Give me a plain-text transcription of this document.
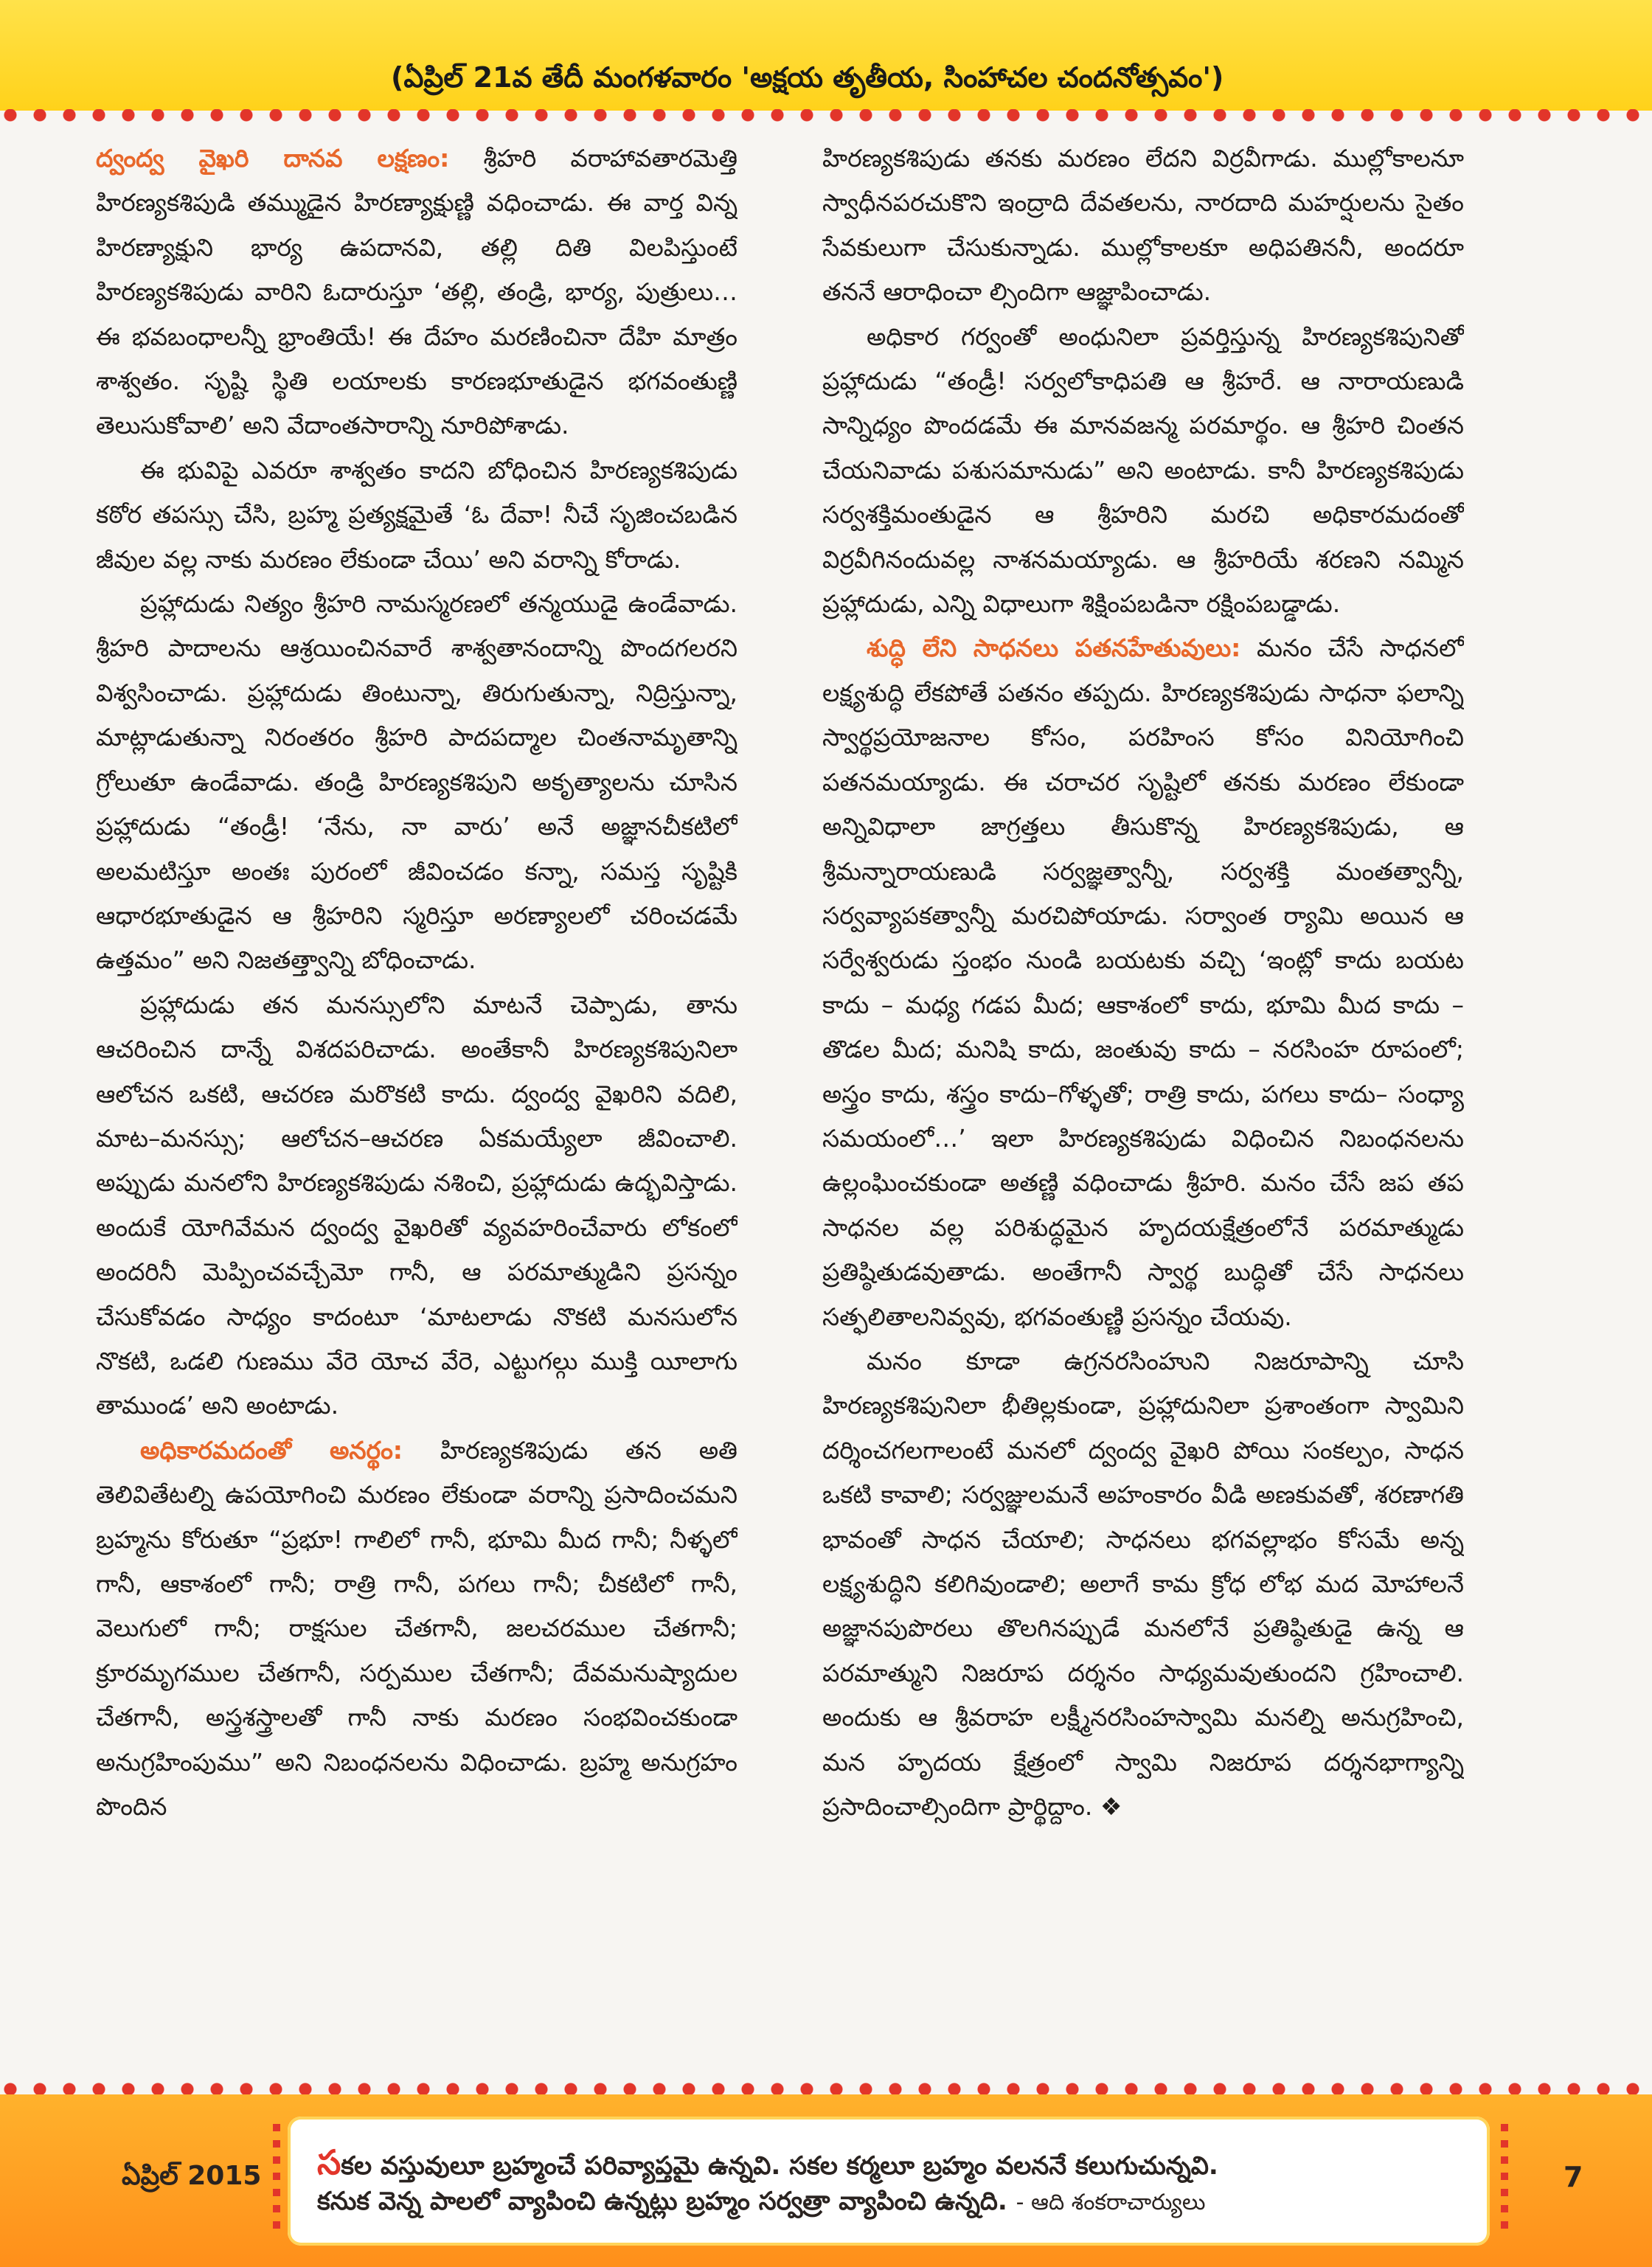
(ఏప్రిల్ 21వ తేదీ మంగళవారం 'అక్షయ తృతీయ, సింహాచల చందనోత్సవం')

ద్వంద్వ వైఖరి దానవ లక్షణం: శ్రీహరి వరాహావతారమెత్తి హిరణ్యకశిపుడి తమ్ముడైన హిరణ్యాక్షుణ్ణి వధించాడు. ఈ వార్త విన్న హిరణ్యాక్షుని భార్య ఉపదానవి, తల్లి దితి విలపిస్తుంటే హిరణ్యకశిపుడు వారిని ఓదారుస్తూ ‘తల్లి, తండ్రి, భార్య, పుత్రులు… ఈ భవబంధాలన్నీ భ్రాంతియే! ఈ దేహం మరణించినా దేహి మాత్రం శాశ్వతం. సృష్టి స్థితి లయాలకు కారణభూతుడైన భగవంతుణ్ణి తెలుసుకోవాలి’ అని వేదాంతసారాన్ని నూరిపోశాడు.

ఈ భువిపై ఎవరూ శాశ్వతం కాదని బోధించిన హిరణ్యకశిపుడు కఠోర తపస్సు చేసి, బ్రహ్మ ప్రత్యక్షమైతే ‘ఓ దేవా! నీచే సృజించబడిన జీవుల వల్ల నాకు మరణం లేకుండా చేయి’ అని వరాన్ని కోరాడు.

ప్రహ్లాదుడు నిత్యం శ్రీహరి నామస్మరణలో తన్మయుడై ఉండేవాడు. శ్రీహరి పాదాలను ఆశ్రయించినవారే శాశ్వతానందాన్ని పొందగలరని విశ్వసించాడు. ప్రహ్లాదుడు తింటున్నా, తిరుగుతున్నా, నిద్రిస్తున్నా, మాట్లాడుతున్నా నిరంతరం శ్రీహరి పాదపద్మాల చింతనామృతాన్ని గ్రోలుతూ ఉండేవాడు. తండ్రి హిరణ్యకశిపుని అకృత్యాలను చూసిన ప్రహ్లాదుడు “తండ్రీ! ‘నేను, నా వారు’ అనే అజ్ఞానచీకటిలో అలమటిస్తూ అంతః పురంలో జీవించడం కన్నా, సమస్త సృష్టికి ఆధారభూతుడైన ఆ శ్రీహరిని స్మరిస్తూ అరణ్యాలలో చరించడమే ఉత్తమం” అని నిజతత్త్వాన్ని బోధించాడు.

ప్రహ్లాదుడు తన మనస్సులోని మాటనే చెప్పాడు, తాను ఆచరించిన దాన్నే విశదపరిచాడు. అంతేకానీ హిరణ్యకశిపునిలా ఆలోచన ఒకటి, ఆచరణ మరొకటి కాదు. ద్వంద్వ వైఖరిని వదిలి, మాట–మనస్సు; ఆలోచన–ఆచరణ ఏకమయ్యేలా జీవించాలి. అప్పుడు మనలోని హిరణ్యకశిపుడు నశించి, ప్రహ్లాదుడు ఉద్భవిస్తాడు. అందుకే యోగివేమన ద్వంద్వ వైఖరితో వ్యవహరించేవారు లోకంలో అందరినీ మెప్పించవచ్చేమో గానీ, ఆ పరమాత్ముడిని ప్రసన్నం చేసుకోవడం సాధ్యం కాదంటూ ‘మాటలాడు నొకటి మనసులోన నొకటి, ఒడలి గుణము వేరె యోచ వేరె, ఎట్టుగల్గు ముక్తి యీలాగు తాముండ’ అని అంటాడు.

అధికారమదంతో అనర్థం: హిరణ్యకశిపుడు తన అతి తెలివితేటల్ని ఉపయోగించి మరణం లేకుండా వరాన్ని ప్రసాదించమని బ్రహ్మను కోరుతూ “ప్రభూ! గాలిలో గానీ, భూమి మీద గానీ; నీళ్ళలో గానీ, ఆకాశంలో గానీ; రాత్రి గానీ, పగలు గానీ; చీకటిలో గానీ, వెలుగులో గానీ; రాక్షసుల చేతగానీ, జలచరముల చేతగానీ; క్రూరమృగముల చేతగానీ, సర్పముల చేతగానీ; దేవమనుష్యాదుల చేతగానీ, అస్త్రశస్త్రాలతో గానీ నాకు మరణం సంభవించకుండా అనుగ్రహింపుము” అని నిబంధనలను విధించాడు. బ్రహ్మ అనుగ్రహం పొందిన

హిరణ్యకశిపుడు తనకు మరణం లేదని విర్రవీగాడు. ముల్లోకాలనూ స్వాధీనపరచుకొని ఇంద్రాది దేవతలను, నారదాది మహర్షులను సైతం సేవకులుగా చేసుకున్నాడు. ముల్లోకాలకూ అధిపతిననీ, అందరూ తననే ఆరాధించా ల్సిందిగా ఆజ్ఞాపించాడు.

అధికార గర్వంతో అంధునిలా ప్రవర్తిస్తున్న హిరణ్యకశిపునితో ప్రహ్లాదుడు “తండ్రీ! సర్వలోకాధిపతి ఆ శ్రీహరే. ఆ నారాయణుడి సాన్నిధ్యం పొందడమే ఈ మానవజన్మ పరమార్థం. ఆ శ్రీహరి చింతన చేయనివాడు పశుసమానుడు” అని అంటాడు. కానీ హిరణ్యకశిపుడు సర్వశక్తిమంతుడైన ఆ శ్రీహరిని మరచి అధికారమదంతో విర్రవీగినందువల్ల నాశనమయ్యాడు. ఆ శ్రీహరియే శరణని నమ్మిన ప్రహ్లాదుడు, ఎన్ని విధాలుగా శిక్షింపబడినా రక్షింపబడ్డాడు.

శుద్ధి లేని సాధనలు పతనహేతువులు: మనం చేసే సాధనలో లక్ష్యశుద్ధి లేకపోతే పతనం తప్పదు. హిరణ్యకశిపుడు సాధనా ఫలాన్ని స్వార్థప్రయోజనాల కోసం, పరహింస కోసం వినియోగించి పతనమయ్యాడు. ఈ చరాచర సృష్టిలో తనకు మరణం లేకుండా అన్నివిధాలా జాగ్రత్తలు తీసుకొన్న హిరణ్యకశిపుడు, ఆ శ్రీమన్నారాయణుడి సర్వజ్ఞత్వాన్నీ, సర్వశక్తి మంతత్వాన్నీ, సర్వవ్యాపకత్వాన్నీ మరచిపోయాడు. సర్వాంత ర్యామి అయిన ఆ సర్వేశ్వరుడు స్తంభం నుండి బయటకు వచ్చి ‘ఇంట్లో కాదు బయట కాదు – మధ్య గడప మీద; ఆకాశంలో కాదు, భూమి మీద కాదు – తొడల మీద; మనిషి కాదు, జంతువు కాదు – నరసింహ రూపంలో; అస్త్రం కాదు, శస్త్రం కాదు–గోళ్ళతో; రాత్రి కాదు, పగలు కాదు– సంధ్యా సమయంలో…’ ఇలా హిరణ్యకశిపుడు విధించిన నిబంధనలను ఉల్లంఘించకుండా అతణ్ణి వధించాడు శ్రీహరి. మనం చేసే జప తప సాధనల వల్ల పరిశుద్ధమైన హృదయక్షేత్రంలోనే పరమాత్ముడు ప్రతిష్ఠితుడవుతాడు. అంతేగానీ స్వార్థ బుద్ధితో చేసే సాధనలు సత్ఫలితాలనివ్వవు, భగవంతుణ్ణి ప్రసన్నం చేయవు.

మనం కూడా ఉగ్రనరసింహుని నిజరూపాన్ని చూసి హిరణ్యకశిపునిలా భీతిల్లకుండా, ప్రహ్లాదునిలా ప్రశాంతంగా స్వామిని దర్శించగలగాలంటే మనలో ద్వంద్వ వైఖరి పోయి సంకల్పం, సాధన ఒకటి కావాలి; సర్వజ్ఞులమనే అహంకారం వీడి అణకువతో, శరణాగతి భావంతో సాధన చేయాలి; సాధనలు భగవల్లాభం కోసమే అన్న లక్ష్యశుద్ధిని కలిగివుండాలి; అలాగే కామ క్రోధ లోభ మద మోహాలనే అజ్ఞానపుపొరలు తొలగినప్పుడే మనలోనే ప్రతిష్ఠితుడై ఉన్న ఆ పరమాత్ముని నిజరూప దర్శనం సాధ్యమవుతుందని గ్రహించాలి. అందుకు ఆ శ్రీవరాహ లక్ష్మీనరసింహస్వామి మనల్ని అనుగ్రహించి, మన హృదయ క్షేత్రంలో స్వామి నిజరూప దర్శనభాగ్యాన్ని ప్రసాదించాల్సిందిగా ప్రార్థిద్దాం. ❖

సకల వస్తువులూ బ్రహ్మంచే పరివ్యాప్తమై ఉన్నవి. సకల కర్మలూ బ్రహ్మం వలననే కలుగుచున్నవి.
కనుక వెన్న పాలలో వ్యాపించి ఉన్నట్లు బ్రహ్మం సర్వత్రా వ్యాపించి ఉన్నది. - ఆది శంకరాచార్యులు
ఏప్రిల్ 2015	7
